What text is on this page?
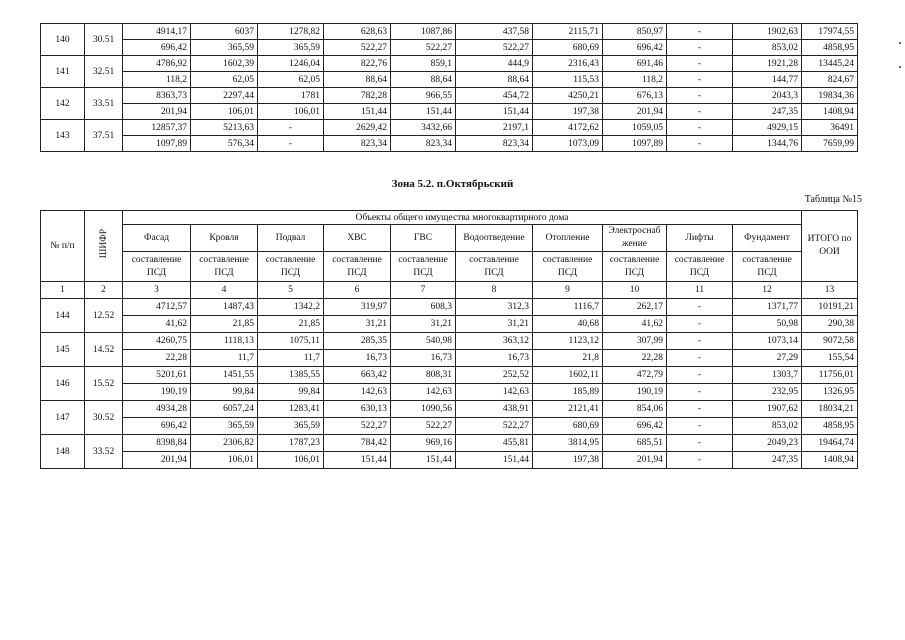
140	30.51	4914,17	6037	1278,82	628,63	1087,86	437,58	2115,71	850,97	-	1902,63	17974,55
		696,42	365,59	365,59	522,27	522,27	522,27	680,69	696,42	-	853,02	4858,95
141	32.51	4786,92	1602,39	1246,04	822,76	859,1	444,9	2316,43	691,46	-	1921,28	13445,24
		118,2	62,05	62,05	88,64	88,64	88,64	115,53	118,2	-	144,77	824,67
142	33.51	8363,73	2297,44	1781	782,28	966,55	454,72	4250,21	676,13	-	2043,3	19834,36
		201,94	106,01	106,01	151,44	151,44	151,44	197,38	201,94	-	247,35	1408,94
143	37.51	12857,37	5213,63	-	2629,42	3432,66	2197,1	4172,62	1059,05	-	4929,15	36491
		1097,89	576,34	-	823,34	823,34	823,34	1073,09	1097,89	-	1344,76	7659,99
Зона 5.2. п.Октябрьский
Таблица №15
№ п/п	ШИФР	Объекты общего имущества многоквартирного дома										ИТОГО по ООИ
		Фасад	Кровля	Подвал	ХВС	ГВС	Водоотведение	Отопление	Электроснаб жение	Лифты	Фундамент	
		составление ПСД	составление ПСД	составление ПСД	составление ПСД	составление ПСД	составление ПСД	составление ПСД	составление ПСД	составление ПСД	составление ПСД	
1	2	3	4	5	6	7	8	9	10	11	12	13
144	12.52	4712,57	1487,43	1342,2	319,97	608,3	312,3	1116,7	262,17	-	1371,77	10191,21
		41,62	21,85	21,85	31,21	31,21	31,21	40,68	41,62	-	50,98	290,38
145	14.52	4260,75	1118,13	1075,11	285,35	540,98	363,12	1123,12	307,99	-	1073,14	9072,58
		22,28	11,7	11,7	16,73	16,73	16,73	21,8	22,28	-	27,29	155,54
146	15.52	5201,61	1451,55	1385,55	663,42	808,31	252,52	1602,11	472,79	-	1303,7	11756,01
		190,19	99,84	99,84	142,63	142,63	142,63	185,89	190,19	-	232,95	1326,95
147	30.52	4934,28	6057,24	1283,41	630,13	1090,56	438,91	2121,41	854,06	-	1907,62	18034,21
		696,42	365,59	365,59	522,27	522,27	522,27	680,69	696,42	-	853,02	4858,95
148	33.52	8398,84	2306,82	1787,23	784,42	969,16	455,81	3814,95	685,51	-	2049,23	19464,74
		201,94	106,01	106,01	151,44	151,44	151,44	197,38	201,94	-	247,35	1408,94
